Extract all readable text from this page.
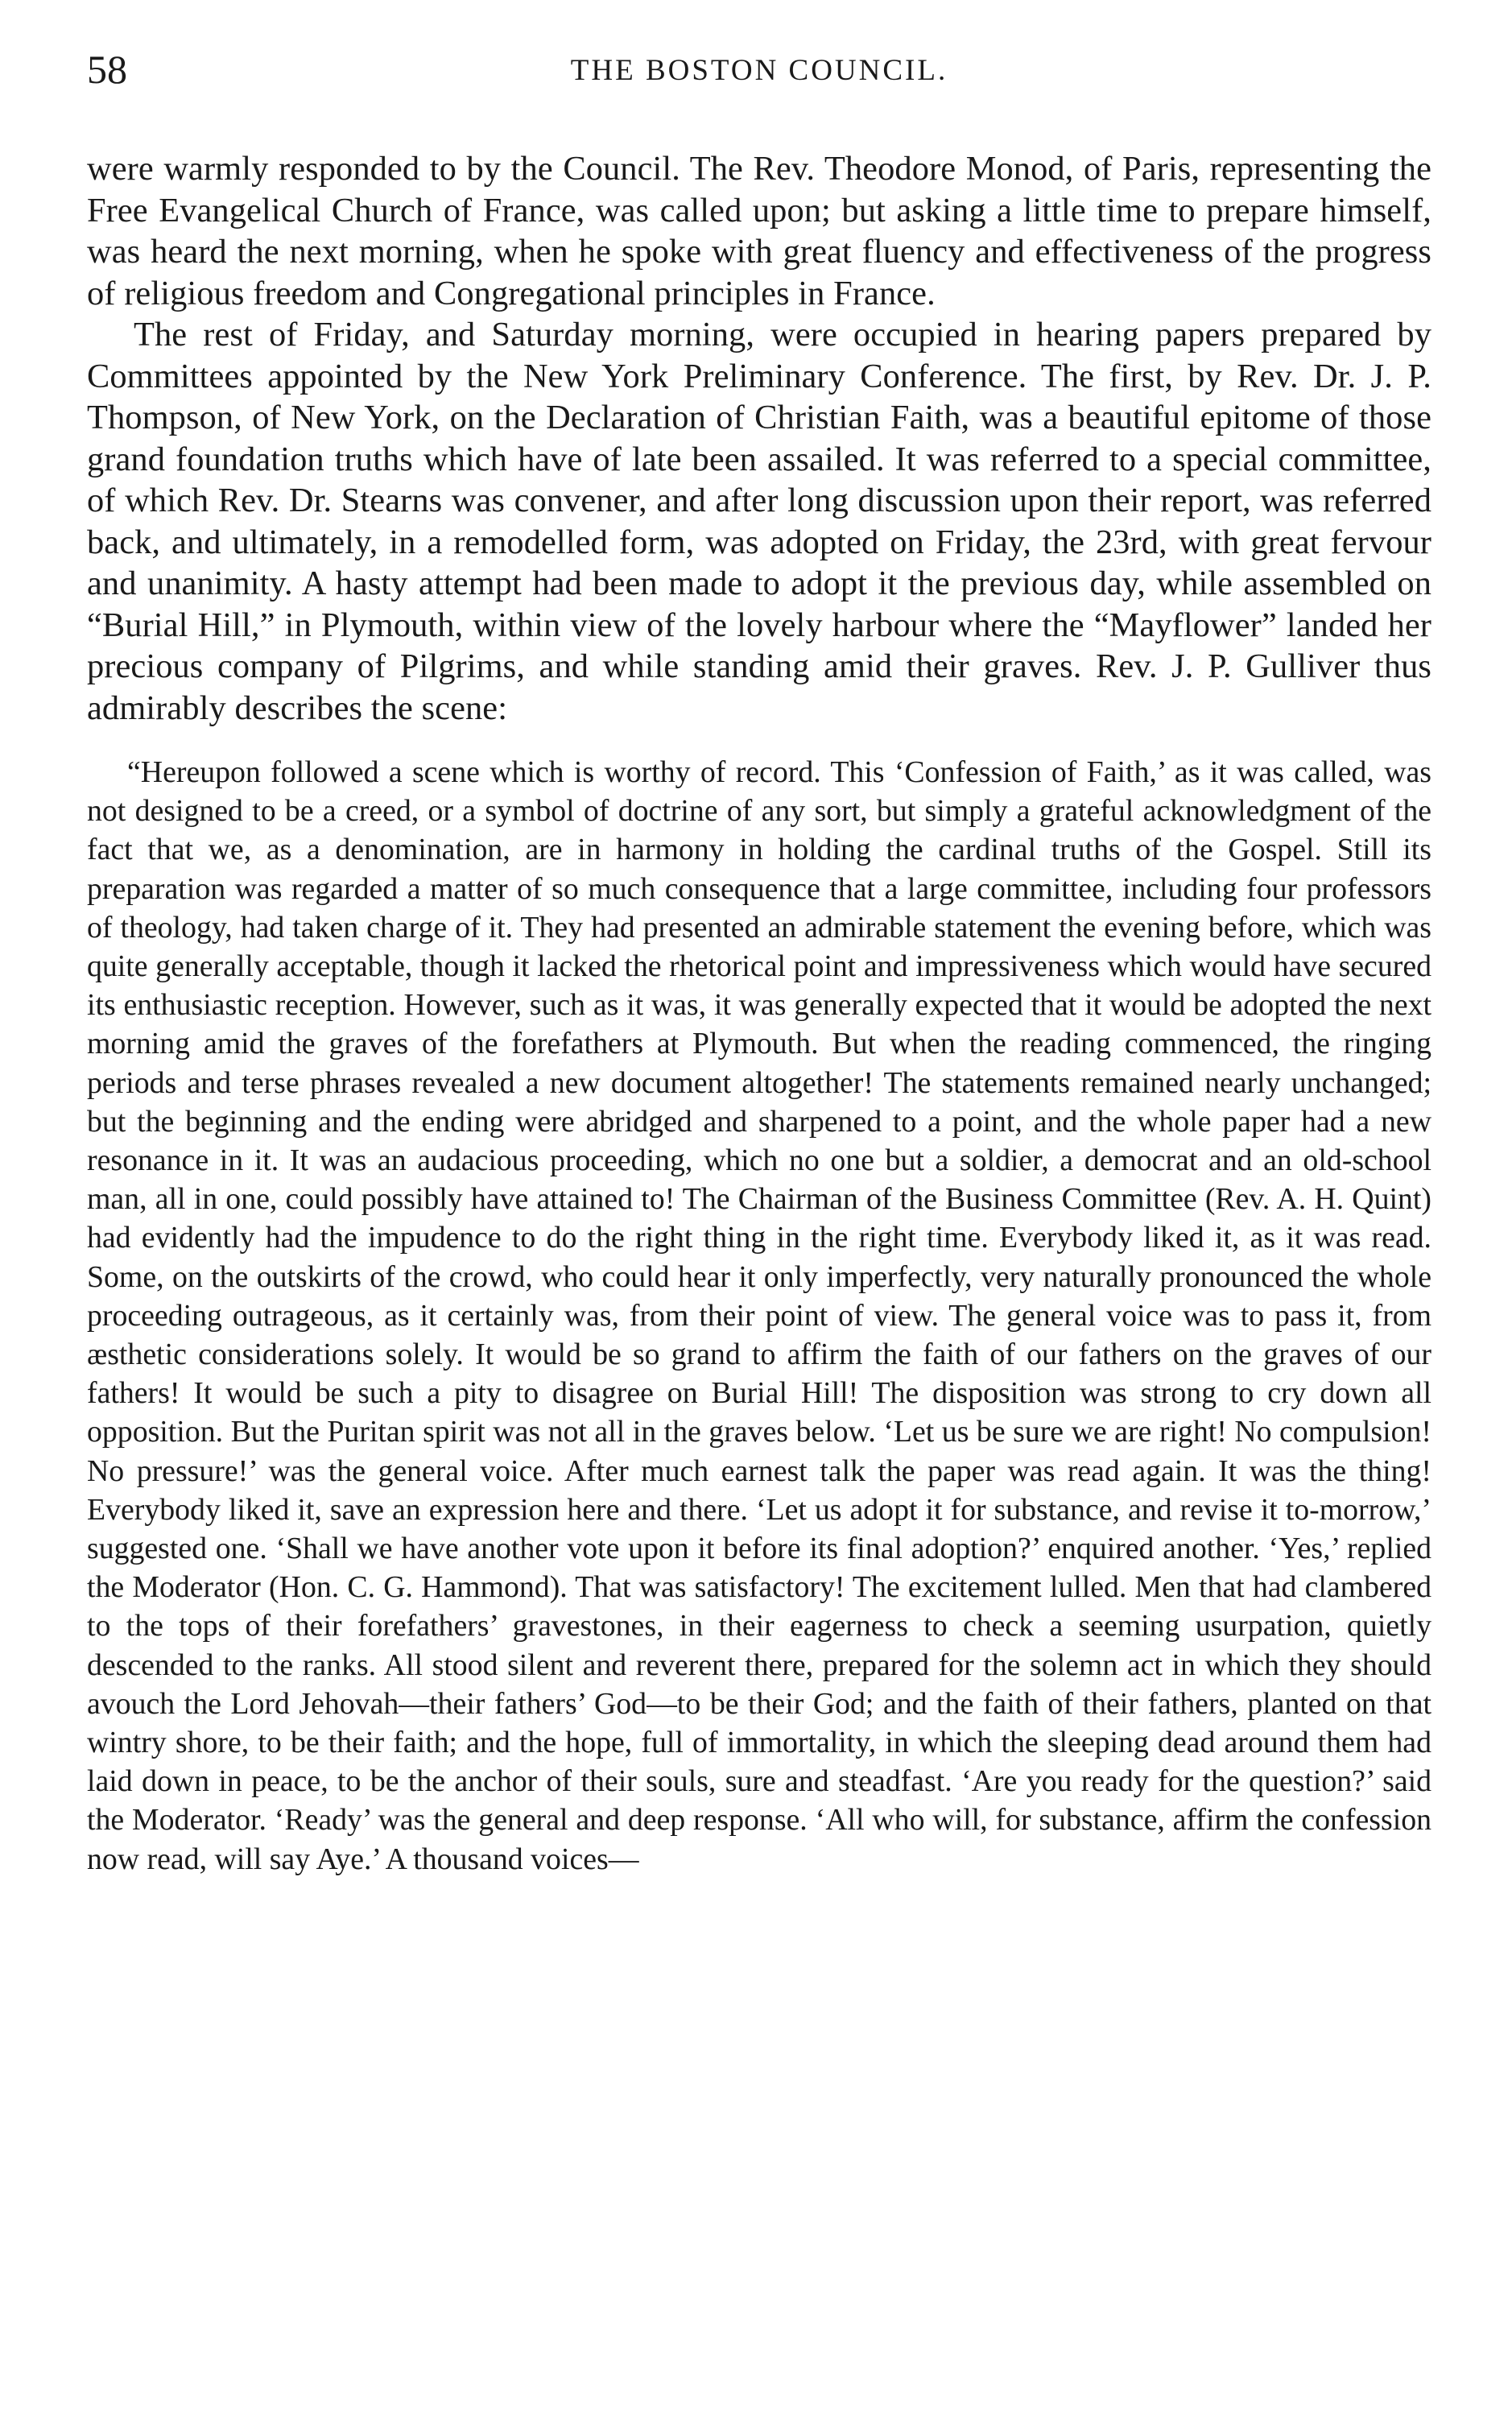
58	THE BOSTON COUNCIL.

were warmly responded to by the Council. The Rev. Theodore Monod, of Paris, representing the Free Evangelical Church of France, was called upon; but asking a little time to prepare himself, was heard the next morning, when he spoke with great fluency and effectiveness of the progress of religious freedom and Congregational principles in France.

The rest of Friday, and Saturday morning, were occupied in hearing papers prepared by Committees appointed by the New York Preliminary Conference. The first, by Rev. Dr. J. P. Thompson, of New York, on the Declaration of Christian Faith, was a beautiful epitome of those grand foundation truths which have of late been assailed. It was referred to a special committee, of which Rev. Dr. Stearns was convener, and after long discussion upon their report, was referred back, and ultimately, in a remodelled form, was adopted on Friday, the 23rd, with great fervour and unanimity. A hasty attempt had been made to adopt it the previous day, while assembled on “Burial Hill,” in Plymouth, within view of the lovely harbour where the “Mayflower” landed her precious company of Pilgrims, and while standing amid their graves. Rev. J. P. Gulliver thus admirably describes the scene:

“Hereupon followed a scene which is worthy of record. This ‘Confession of Faith,’ as it was called, was not designed to be a creed, or a symbol of doctrine of any sort, but simply a grateful acknowledgment of the fact that we, as a denomination, are in harmony in holding the cardinal truths of the Gospel. Still its preparation was regarded a matter of so much consequence that a large committee, including four professors of theology, had taken charge of it. They had presented an admirable statement the evening before, which was quite generally acceptable, though it lacked the rhetorical point and impressiveness which would have secured its enthusiastic reception. However, such as it was, it was generally expected that it would be adopted the next morning amid the graves of the forefathers at Plymouth. But when the reading commenced, the ringing periods and terse phrases revealed a new document altogether! The statements remained nearly unchanged; but the beginning and the ending were abridged and sharpened to a point, and the whole paper had a new resonance in it. It was an audacious proceeding, which no one but a soldier, a democrat and an old-school man, all in one, could possibly have attained to! The Chairman of the Business Committee (Rev. A. H. Quint) had evidently had the impudence to do the right thing in the right time. Everybody liked it, as it was read. Some, on the outskirts of the crowd, who could hear it only imperfectly, very naturally pronounced the whole proceeding outrageous, as it certainly was, from their point of view. The general voice was to pass it, from æsthetic considerations solely. It would be so grand to affirm the faith of our fathers on the graves of our fathers! It would be such a pity to disagree on Burial Hill! The disposition was strong to cry down all opposition. But the Puritan spirit was not all in the graves below. ‘Let us be sure we are right! No compulsion! No pressure!’ was the general voice. After much earnest talk the paper was read again. It was the thing! Everybody liked it, save an expression here and there. ‘Let us adopt it for substance, and revise it to-morrow,’ suggested one. ‘Shall we have another vote upon it before its final adoption?’ enquired another. ‘Yes,’ replied the Moderator (Hon. C. G. Hammond). That was satisfactory! The excitement lulled. Men that had clambered to the tops of their forefathers’ gravestones, in their eagerness to check a seeming usurpation, quietly descended to the ranks. All stood silent and reverent there, prepared for the solemn act in which they should avouch the Lord Jehovah—their fathers’ God—to be their God; and the faith of their fathers, planted on that wintry shore, to be their faith; and the hope, full of immortality, in which the sleeping dead around them had laid down in peace, to be the anchor of their souls, sure and steadfast. ‘Are you ready for the question?’ said the Moderator. ‘Ready’ was the general and deep response. ‘All who will, for substance, affirm the confession now read, will say Aye.’ A thousand voices—
